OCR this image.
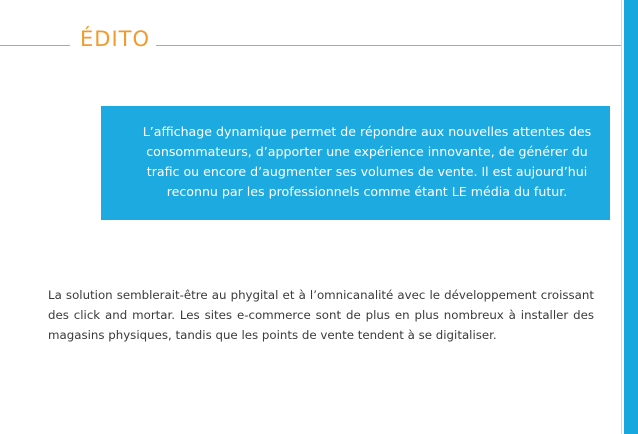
ÉDITO

L’affichage dynamique permet de répondre aux nouvelles attentes des consommateurs, d’apporter une expérience innovante, de générer du trafic ou encore d’augmenter ses volumes de vente. Il est aujourd’hui reconnu par les professionnels comme étant LE média du futur.

La solution semblerait-être au phygital et à l’omnicanalité avec le développement croissant des click and mortar. Les sites e-commerce sont de plus en plus nombreux à installer des magasins physiques, tandis que les points de vente tendent à se digitaliser.
